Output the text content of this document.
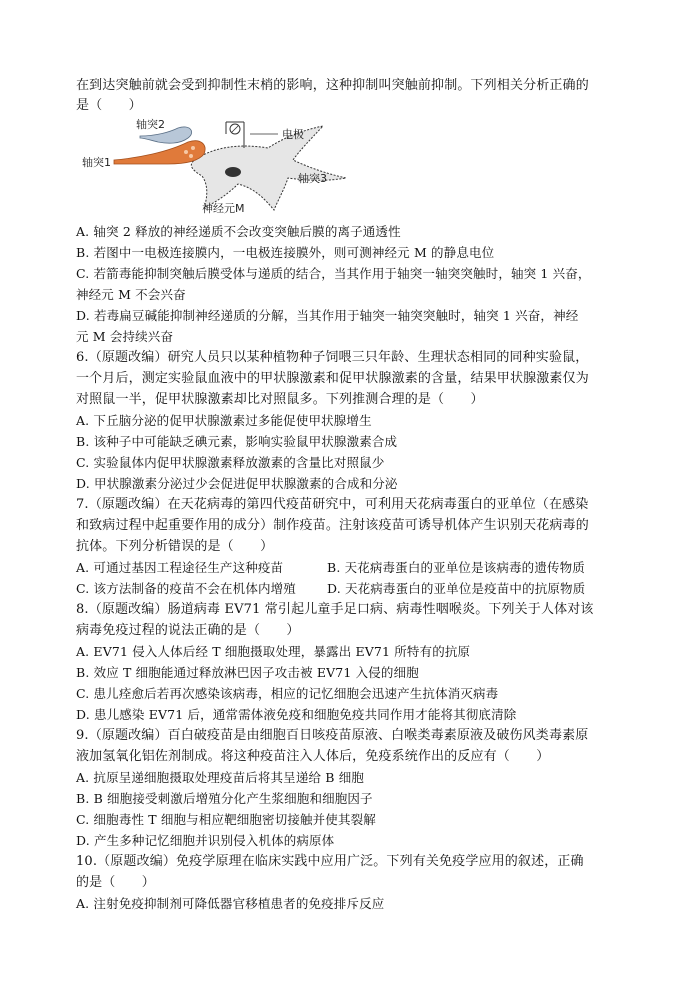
在到达突触前就会受到抑制性末梢的影响，这种抑制叫突触前抑制。下列相关分析正确的
是（　　）
轴突2
轴突1
电极
轴突3
神经元M
A. 轴突 2 释放的神经递质不会改变突触后膜的离子通透性
B. 若图中一电极连接膜内，一电极连接膜外，则可测神经元 M 的静息电位
C. 若箭毒能抑制突触后膜受体与递质的结合，当其作用于轴突一轴突突触时，轴突 1 兴奋，
神经元 M 不会兴奋
D. 若毒扁豆碱能抑制神经递质的分解，当其作用于轴突一轴突突触时，轴突 1 兴奋，神经
元 M 会持续兴奋
6.（原题改编）研究人员只以某种植物种子饲喂三只年龄、生理状态相同的同种实验鼠，
一个月后，测定实验鼠血液中的甲状腺激素和促甲状腺激素的含量，结果甲状腺激素仅为
对照鼠一半，促甲状腺激素却比对照鼠多。下列推测合理的是（　　）
A. 下丘脑分泌的促甲状腺激素过多能促使甲状腺增生
B. 该种子中可能缺乏碘元素，影响实验鼠甲状腺激素合成
C. 实验鼠体内促甲状腺激素释放激素的含量比对照鼠少
D. 甲状腺激素分泌过少会促进促甲状腺激素的合成和分泌
7.（原题改编）在天花病毒的第四代疫苗研究中，可利用天花病毒蛋白的亚单位（在感染
和致病过程中起重要作用的成分）制作疫苗。注射该疫苗可诱导机体产生识别天花病毒的
抗体。下列分析错误的是（　　）
A. 可通过基因工程途径生产这种疫苗	B. 天花病毒蛋白的亚单位是该病毒的遗传物质
C. 该方法制备的疫苗不会在机体内增殖 D. 天花病毒蛋白的亚单位是疫苗中的抗原物质
8.（原题改编）肠道病毒 EV71 常引起儿童手足口病、病毒性咽喉炎。下列关于人体对该
病毒免疫过程的说法正确的是（　　）
A. EV71 侵入人体后经 T 细胞摄取处理，暴露出 EV71 所特有的抗原
B. 效应 T 细胞能通过释放淋巴因子攻击被 EV71 入侵的细胞
C. 患儿痊愈后若再次感染该病毒，相应的记忆细胞会迅速产生抗体消灭病毒
D. 患儿感染 EV71 后，通常需体液免疫和细胞免疫共同作用才能将其彻底清除
9.（原题改编）百白破疫苗是由细胞百日咳疫苗原液、白喉类毒素原液及破伤风类毒素原
液加氢氧化铝佐剂制成。将这种疫苗注入人体后，免疫系统作出的反应有（　　）
A. 抗原呈递细胞摄取处理疫苗后将其呈递给 B 细胞
B. B 细胞接受刺激后增殖分化产生浆细胞和细胞因子
C. 细胞毒性 T 细胞与相应靶细胞密切接触并使其裂解
D. 产生多种记忆细胞并识别侵入机体的病原体
10.（原题改编）免疫学原理在临床实践中应用广泛。下列有关免疫学应用的叙述，正确
的是（　　）
A. 注射免疫抑制剂可降低器官移植患者的免疫排斥反应
